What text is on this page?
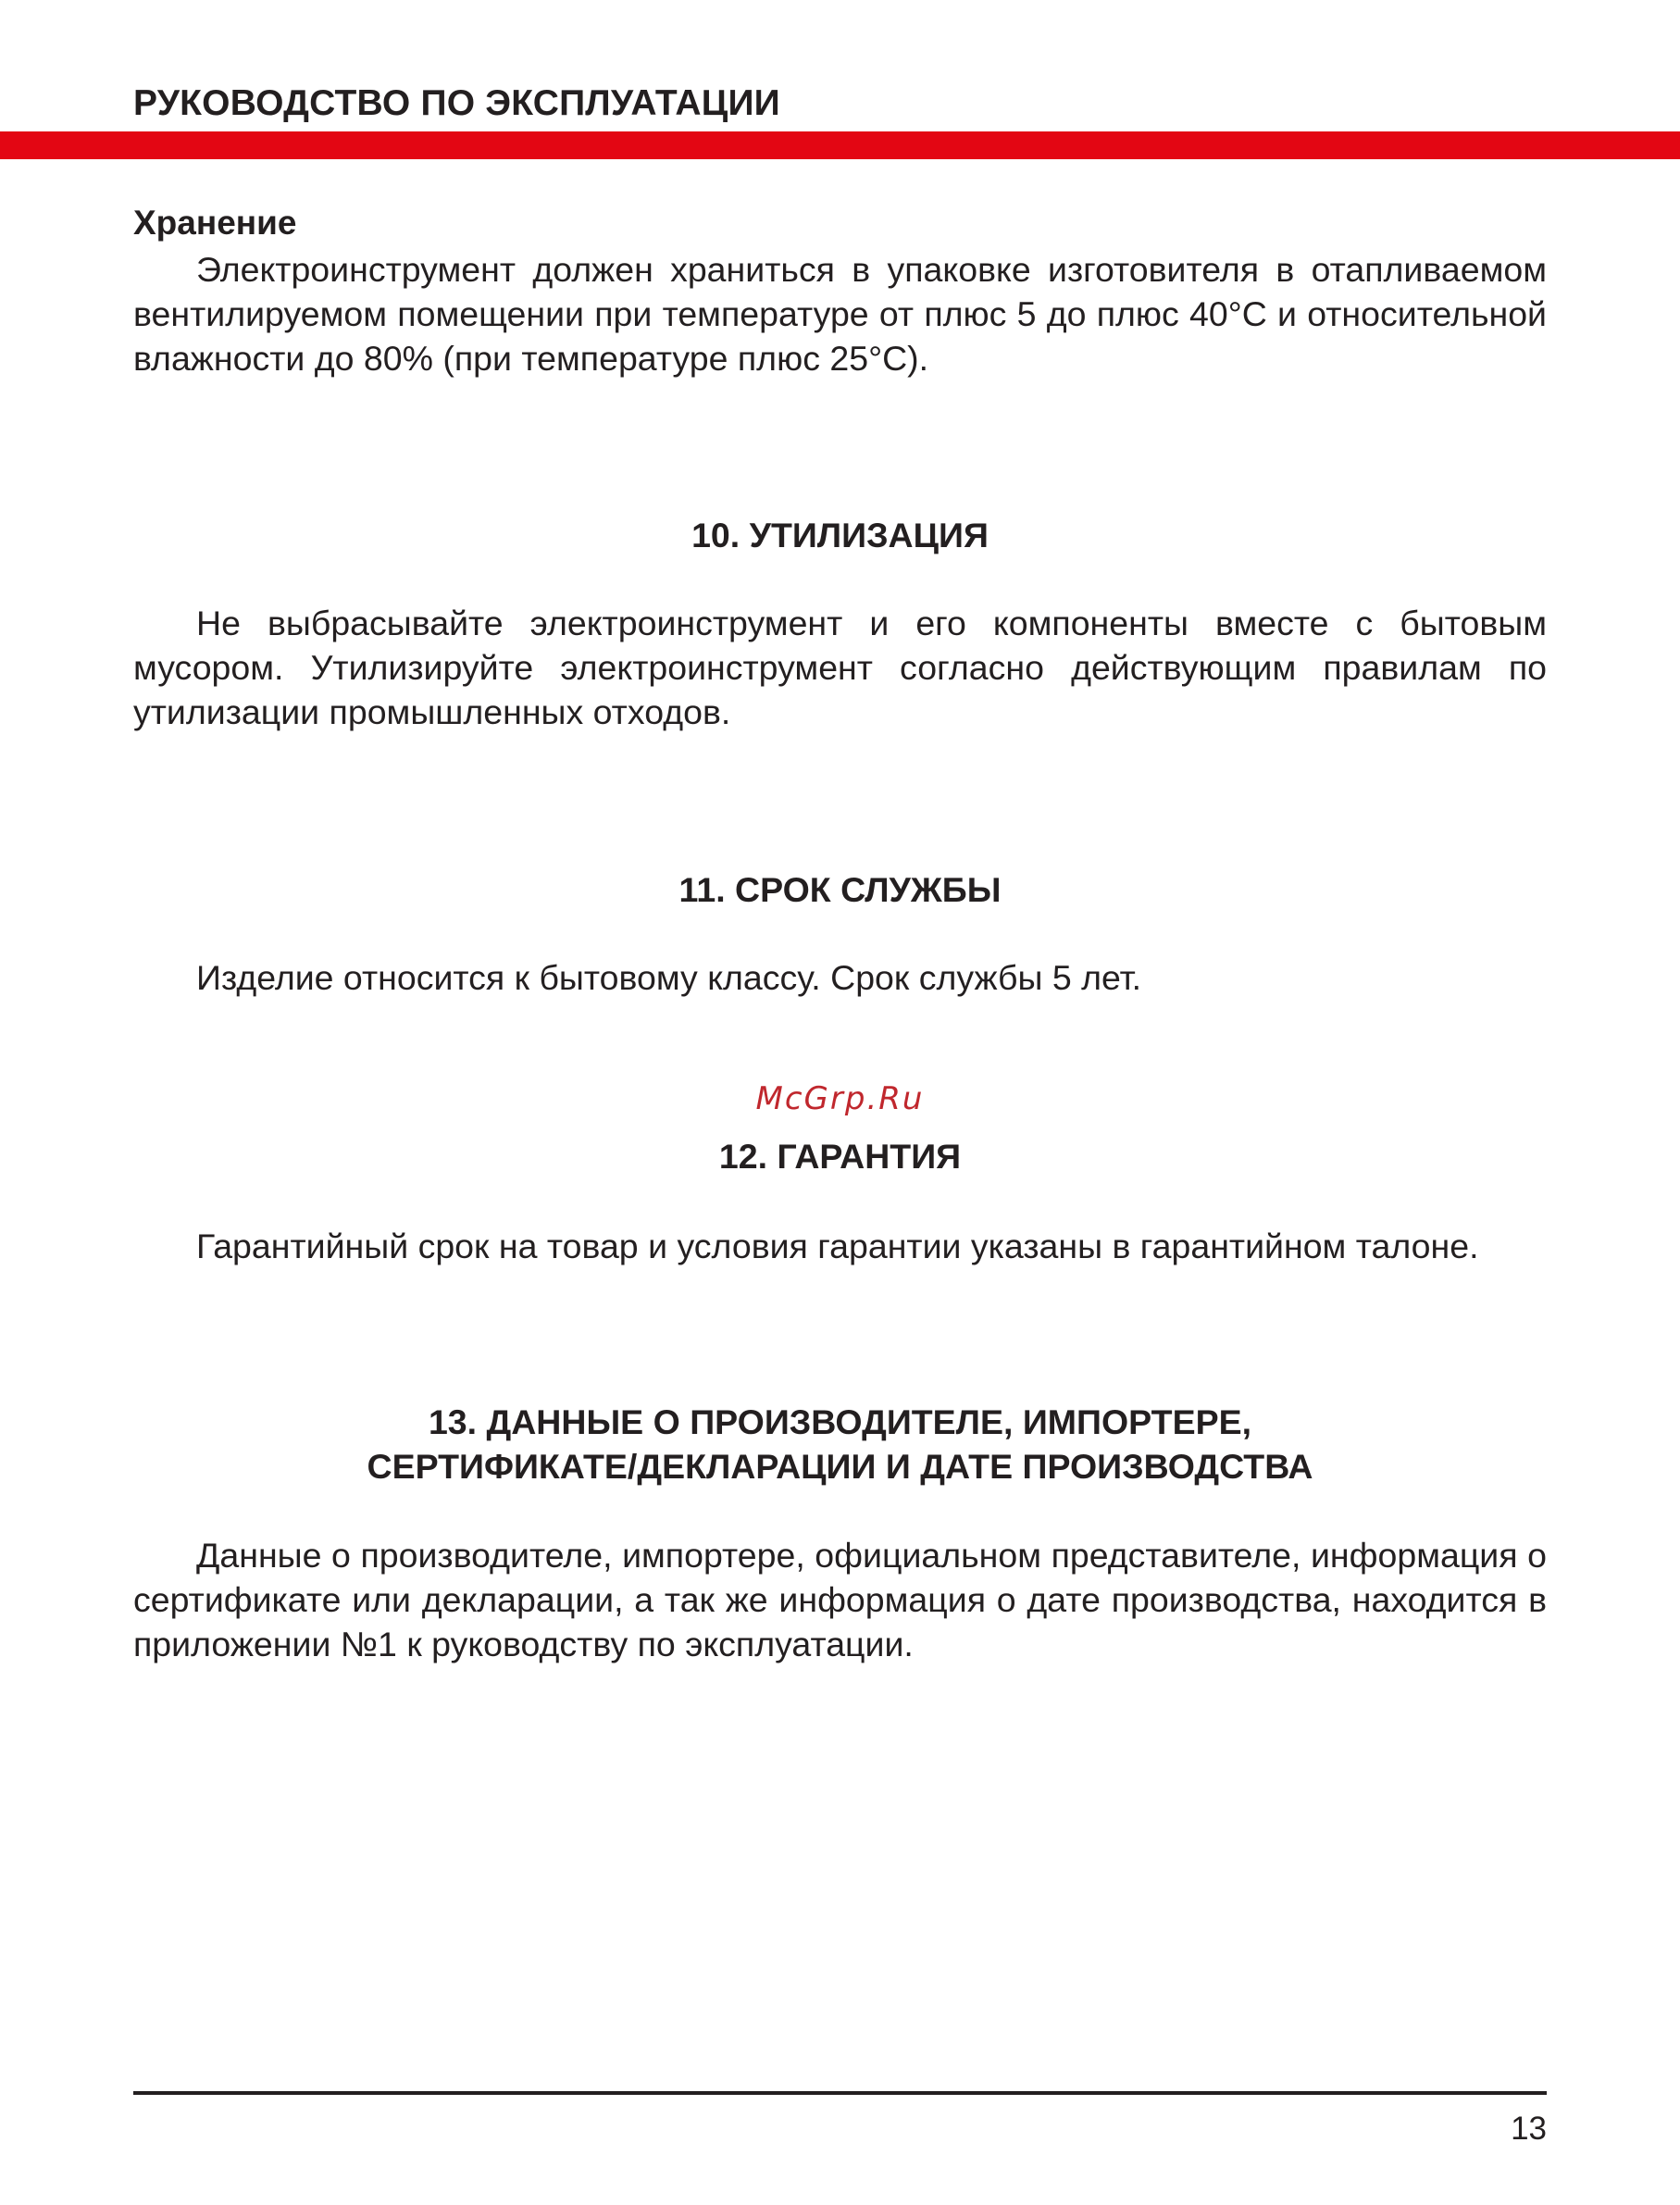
РУКОВОДСТВО ПО ЭКСПЛУАТАЦИИ
Хранение

Электроинструмент должен храниться в упаковке изготовителя в отапливаемом вентилируемом помещении при температуре от плюс 5 до плюс 40°С и относительной влажности до 80% (при температуре плюс 25°С).

10. УТИЛИЗАЦИЯ

Не выбрасывайте электроинструмент и его компоненты вместе с бытовым мусором. Утилизируйте электроинструмент согласно действующим правилам по утилизации промышленных отходов.

11. СРОК СЛУЖБЫ

Изделие относится к бытовому классу. Срок службы 5 лет.

McGrp.Ru

12. ГАРАНТИЯ

Гарантийный срок на товар и условия гарантии указаны в гарантийном талоне.

13. ДАННЫЕ О ПРОИЗВОДИТЕЛЕ, ИМПОРТЕРЕ,

СЕРТИФИКАТЕ/ДЕКЛАРАЦИИ И ДАТЕ ПРОИЗВОДСТВА

Данные о производителе, импортере, официальном представителе, информация о сертификате или декларации, а так же информация о дате производства, находится в приложении №1 к руководству по эксплуатации.

13
